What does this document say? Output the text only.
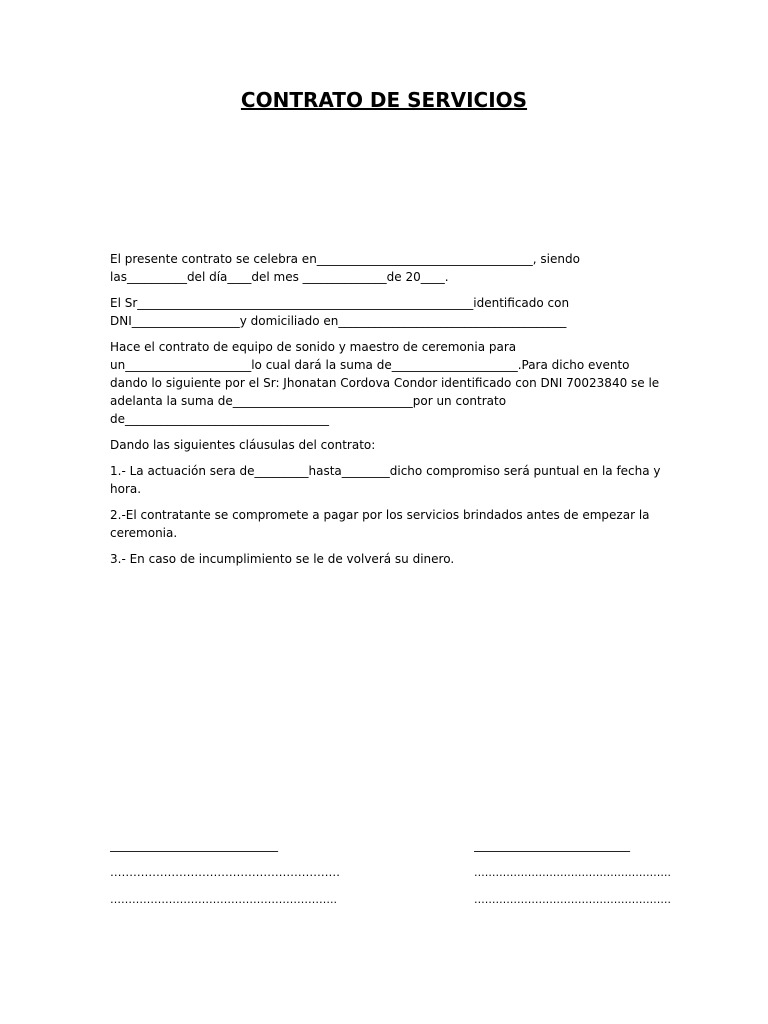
CONTRATO DE SERVICIOS
El presente contrato se celebra en____________________________________, siendo
las__________del día____del mes ______________de 20____.
El Sr________________________________________________________identificado con
DNI__________________y domiciliado en______________________________________
Hace el contrato de equipo de sonido y maestro de ceremonia para
un_____________________lo cual dará la suma de_____________________.Para dicho evento
dando lo siguiente por el Sr: Jhonatan Cordova Condor identificado con DNI 70023840 se le
adelanta la suma de______________________________por un contrato
de__________________________________
Dando las siguientes cláusulas del contrato:
1.- La actuación sera de_________hasta________dicho compromiso será puntual en la fecha y
hora.
2.-El contratante se compromete a pagar por los servicios brindados antes de empezar la
ceremonia.
3.- En caso de incumplimiento se le de volverá su dinero.
____________________________
……………………………………………………
……………………………………………………..
__________________________
……………………………………………….
……………………………………………….
